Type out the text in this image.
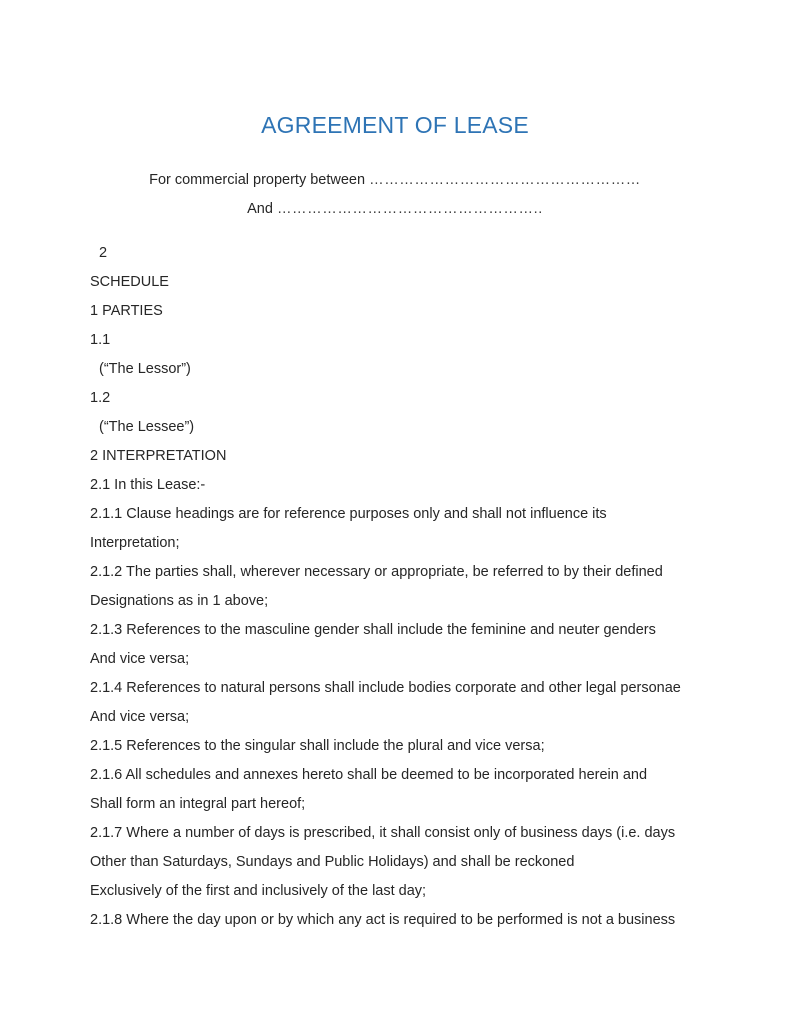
AGREEMENT OF LEASE
For commercial property between ………………………………………………
And ……………………………………………..
2
SCHEDULE
1 PARTIES
1.1
(“The Lessor”)
1.2
(“The Lessee”)
2 INTERPRETATION
2.1 In this Lease:-
2.1.1 Clause headings are for reference purposes only and shall not influence its
Interpretation;
2.1.2 The parties shall, wherever necessary or appropriate, be referred to by their defined
Designations as in 1 above;
2.1.3 References to the masculine gender shall include the feminine and neuter genders
And vice versa;
2.1.4 References to natural persons shall include bodies corporate and other legal personae
And vice versa;
2.1.5 References to the singular shall include the plural and vice versa;
2.1.6 All schedules and annexes hereto shall be deemed to be incorporated herein and
Shall form an integral part hereof;
2.1.7 Where a number of days is prescribed, it shall consist only of business days (i.e. days
Other than Saturdays, Sundays and Public Holidays) and shall be reckoned
Exclusively of the first and inclusively of the last day;
2.1.8 Where the day upon or by which any act is required to be performed is not a business
